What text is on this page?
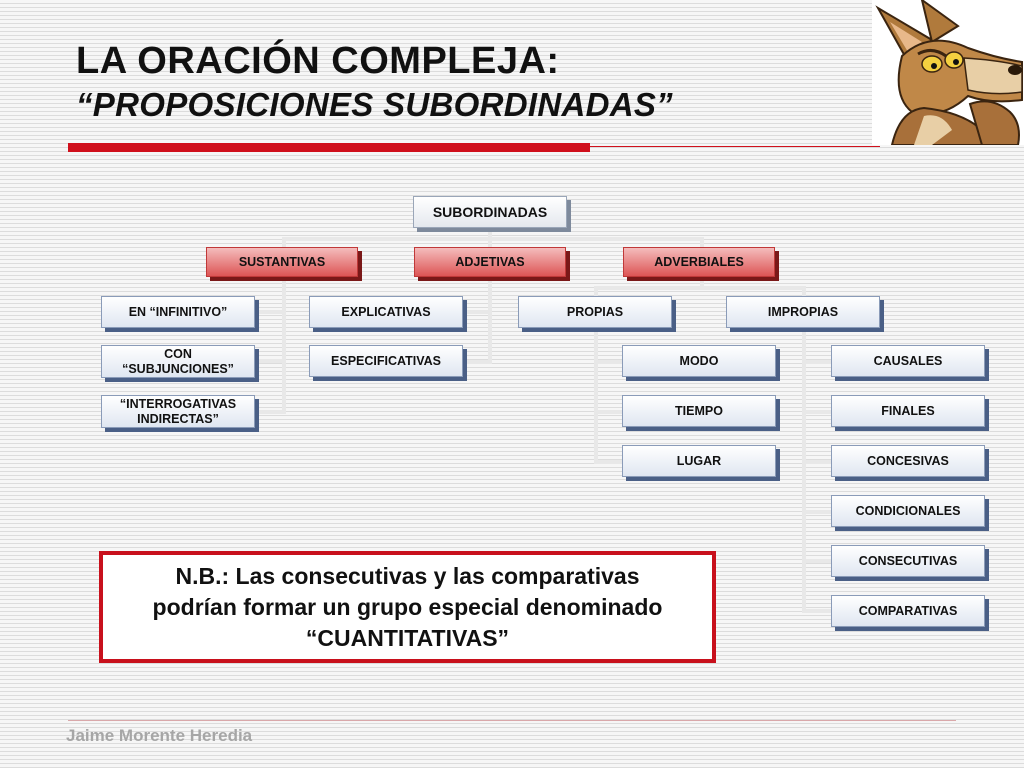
LA ORACIÓN COMPLEJA:
“PROPOSICIONES SUBORDINADAS”
SUBORDINADAS
SUSTANTIVAS	ADJETIVAS	ADVERBIALES
EN “INFINITIVO”
CON
“SUBJUNCIONES”
“INTERROGATIVAS
INDIRECTAS”
EXPLICATIVAS
ESPECIFICATIVAS
PROPIAS	IMPROPIAS
MODO
TIEMPO
LUGAR
CAUSALES
FINALES
CONCESIVAS
CONDICIONALES
CONSECUTIVAS
COMPARATIVAS
N.B.: Las consecutivas y las comparativas
podrían formar un grupo especial denominado
“CUANTITATIVAS”
Jaime Morente Heredia
